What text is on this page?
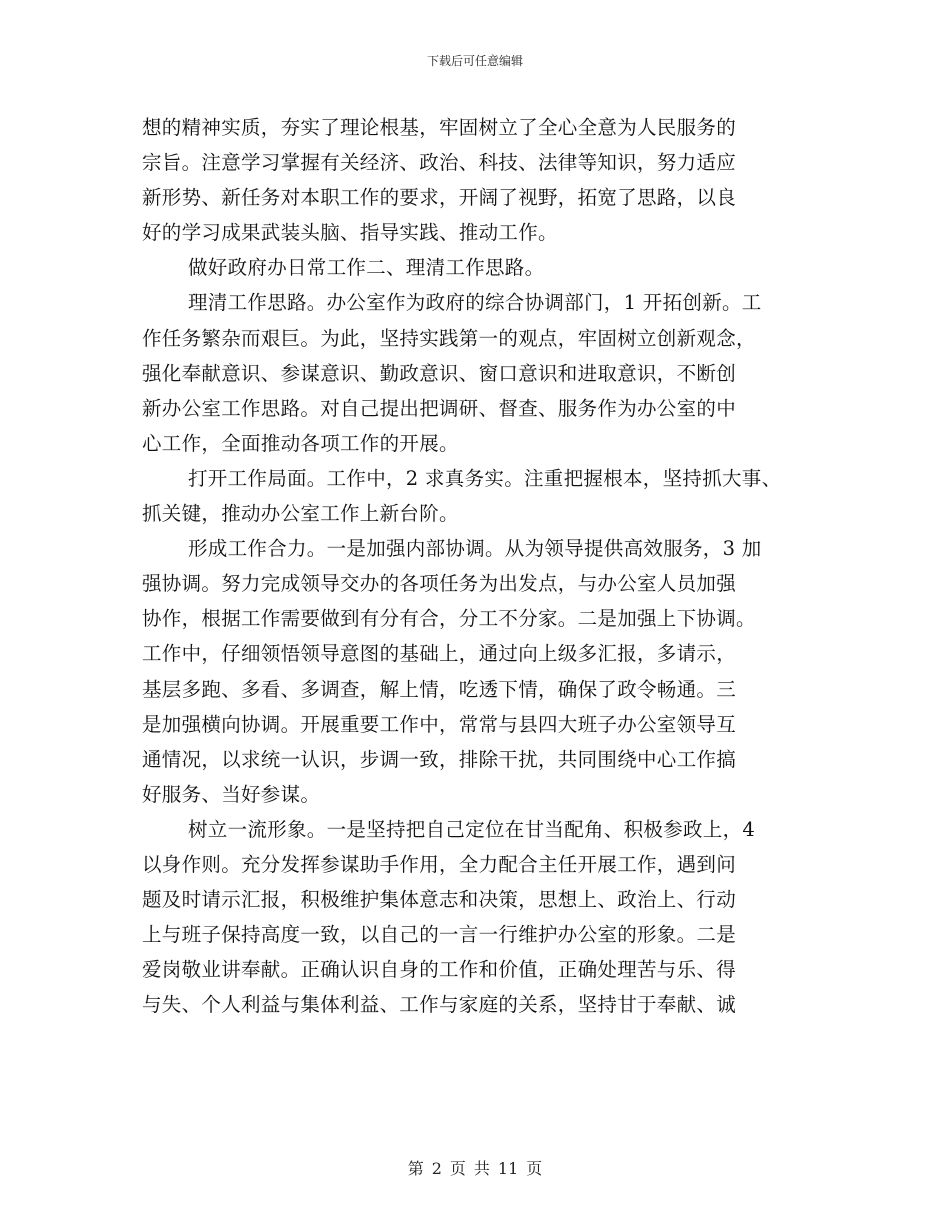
下载后可任意编辑
想的精神实质，夯实了理论根基，牢固树立了全心全意为人民服务的
宗旨。注意学习掌握有关经济、政治、科技、法律等知识，努力适应
新形势、新任务对本职工作的要求，开阔了视野，拓宽了思路，以良
好的学习成果武装头脑、指导实践、推动工作。
做好政府办日常工作二、理清工作思路。
理清工作思路。办公室作为政府的综合协调部门，1 开拓创新。工
作任务繁杂而艰巨。为此，坚持实践第一的观点，牢固树立创新观念，
强化奉献意识、参谋意识、勤政意识、窗口意识和进取意识，不断创
新办公室工作思路。对自己提出把调研、督查、服务作为办公室的中
心工作，全面推动各项工作的开展。
打开工作局面。工作中，2 求真务实。注重把握根本，坚持抓大事、
抓关键，推动办公室工作上新台阶。
形成工作合力。一是加强内部协调。从为领导提供高效服务，3 加
强协调。努力完成领导交办的各项任务为出发点，与办公室人员加强
协作，根据工作需要做到有分有合，分工不分家。二是加强上下协调。
工作中，仔细领悟领导意图的基础上，通过向上级多汇报，多请示，
基层多跑、多看、多调查，解上情，吃透下情，确保了政令畅通。三
是加强横向协调。开展重要工作中，常常与县四大班子办公室领导互
通情况，以求统一认识，步调一致，排除干扰，共同围绕中心工作搞
好服务、当好参谋。
树立一流形象。一是坚持把自己定位在甘当配角、积极参政上，4
以身作则。充分发挥参谋助手作用，全力配合主任开展工作，遇到问
题及时请示汇报，积极维护集体意志和决策，思想上、政治上、行动
上与班子保持高度一致，以自己的一言一行维护办公室的形象。二是
爱岗敬业讲奉献。正确认识自身的工作和价值，正确处理苦与乐、得
与失、个人利益与集体利益、工作与家庭的关系，坚持甘于奉献、诚
第 2 页 共 11 页
